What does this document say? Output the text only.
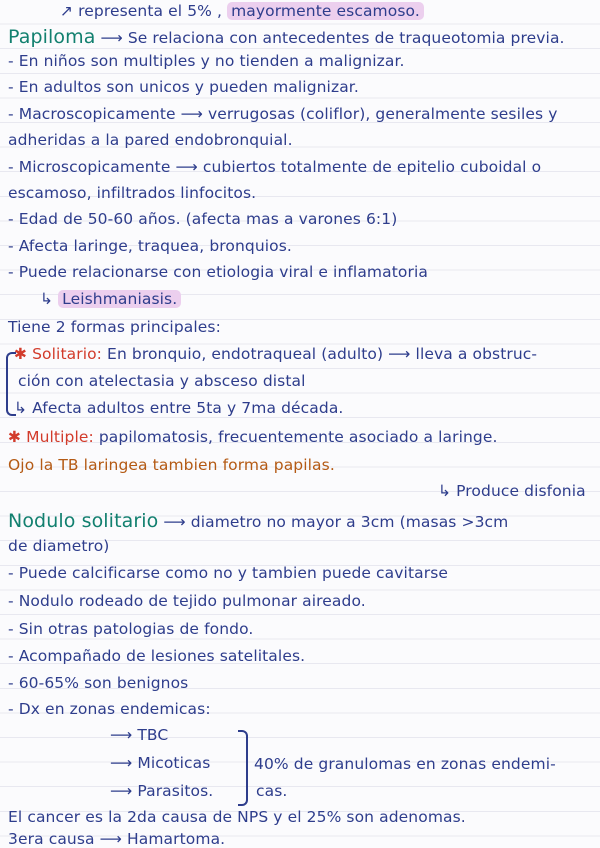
↗ representa el 5% , mayormente escamoso.
Papiloma ⟶ Se relaciona con antecedentes de traqueotomia previa.
- En niños son multiples y no tienden a malignizar.
- En adultos son unicos y pueden malignizar.
- Macroscopicamente ⟶ verrugosas (coliflor), generalmente sesiles y
adheridas a la pared endobronquial.
- Microscopicamente ⟶ cubiertos totalmente de epitelio cuboidal o
escamoso, infiltrados linfocitos.
- Edad de 50-60 años. (afecta mas a varones 6:1)
- Afecta laringe, traquea, bronquios.
- Puede relacionarse con etiologia viral e inflamatoria
↳ Leishmaniasis.
Tiene 2 formas principales:
✱ Solitario: En bronquio, endotraqueal (adulto) ⟶ lleva a obstruc-
ción con atelectasia y absceso distal
↳ Afecta adultos entre 5ta y 7ma década.
✱ Multiple: papilomatosis, frecuentemente asociado a laringe.
Ojo la TB laringea tambien forma papilas.
↳ Produce disfonia
Nodulo solitario ⟶ diametro no mayor a 3cm (masas >3cm
de diametro)
- Puede calcificarse como no y tambien puede cavitarse
- Nodulo rodeado de tejido pulmonar aireado.
- Sin otras patologias de fondo.
- Acompañado de lesiones satelitales.
- 60-65% son benignos
- Dx en zonas endemicas:
⟶ TBC
⟶ Micoticas
⟶ Parasitos.
40% de granulomas en zonas endemi-
cas.
El cancer es la 2da causa de NPS y el 25% son adenomas.
3era causa ⟶ Hamartoma.
